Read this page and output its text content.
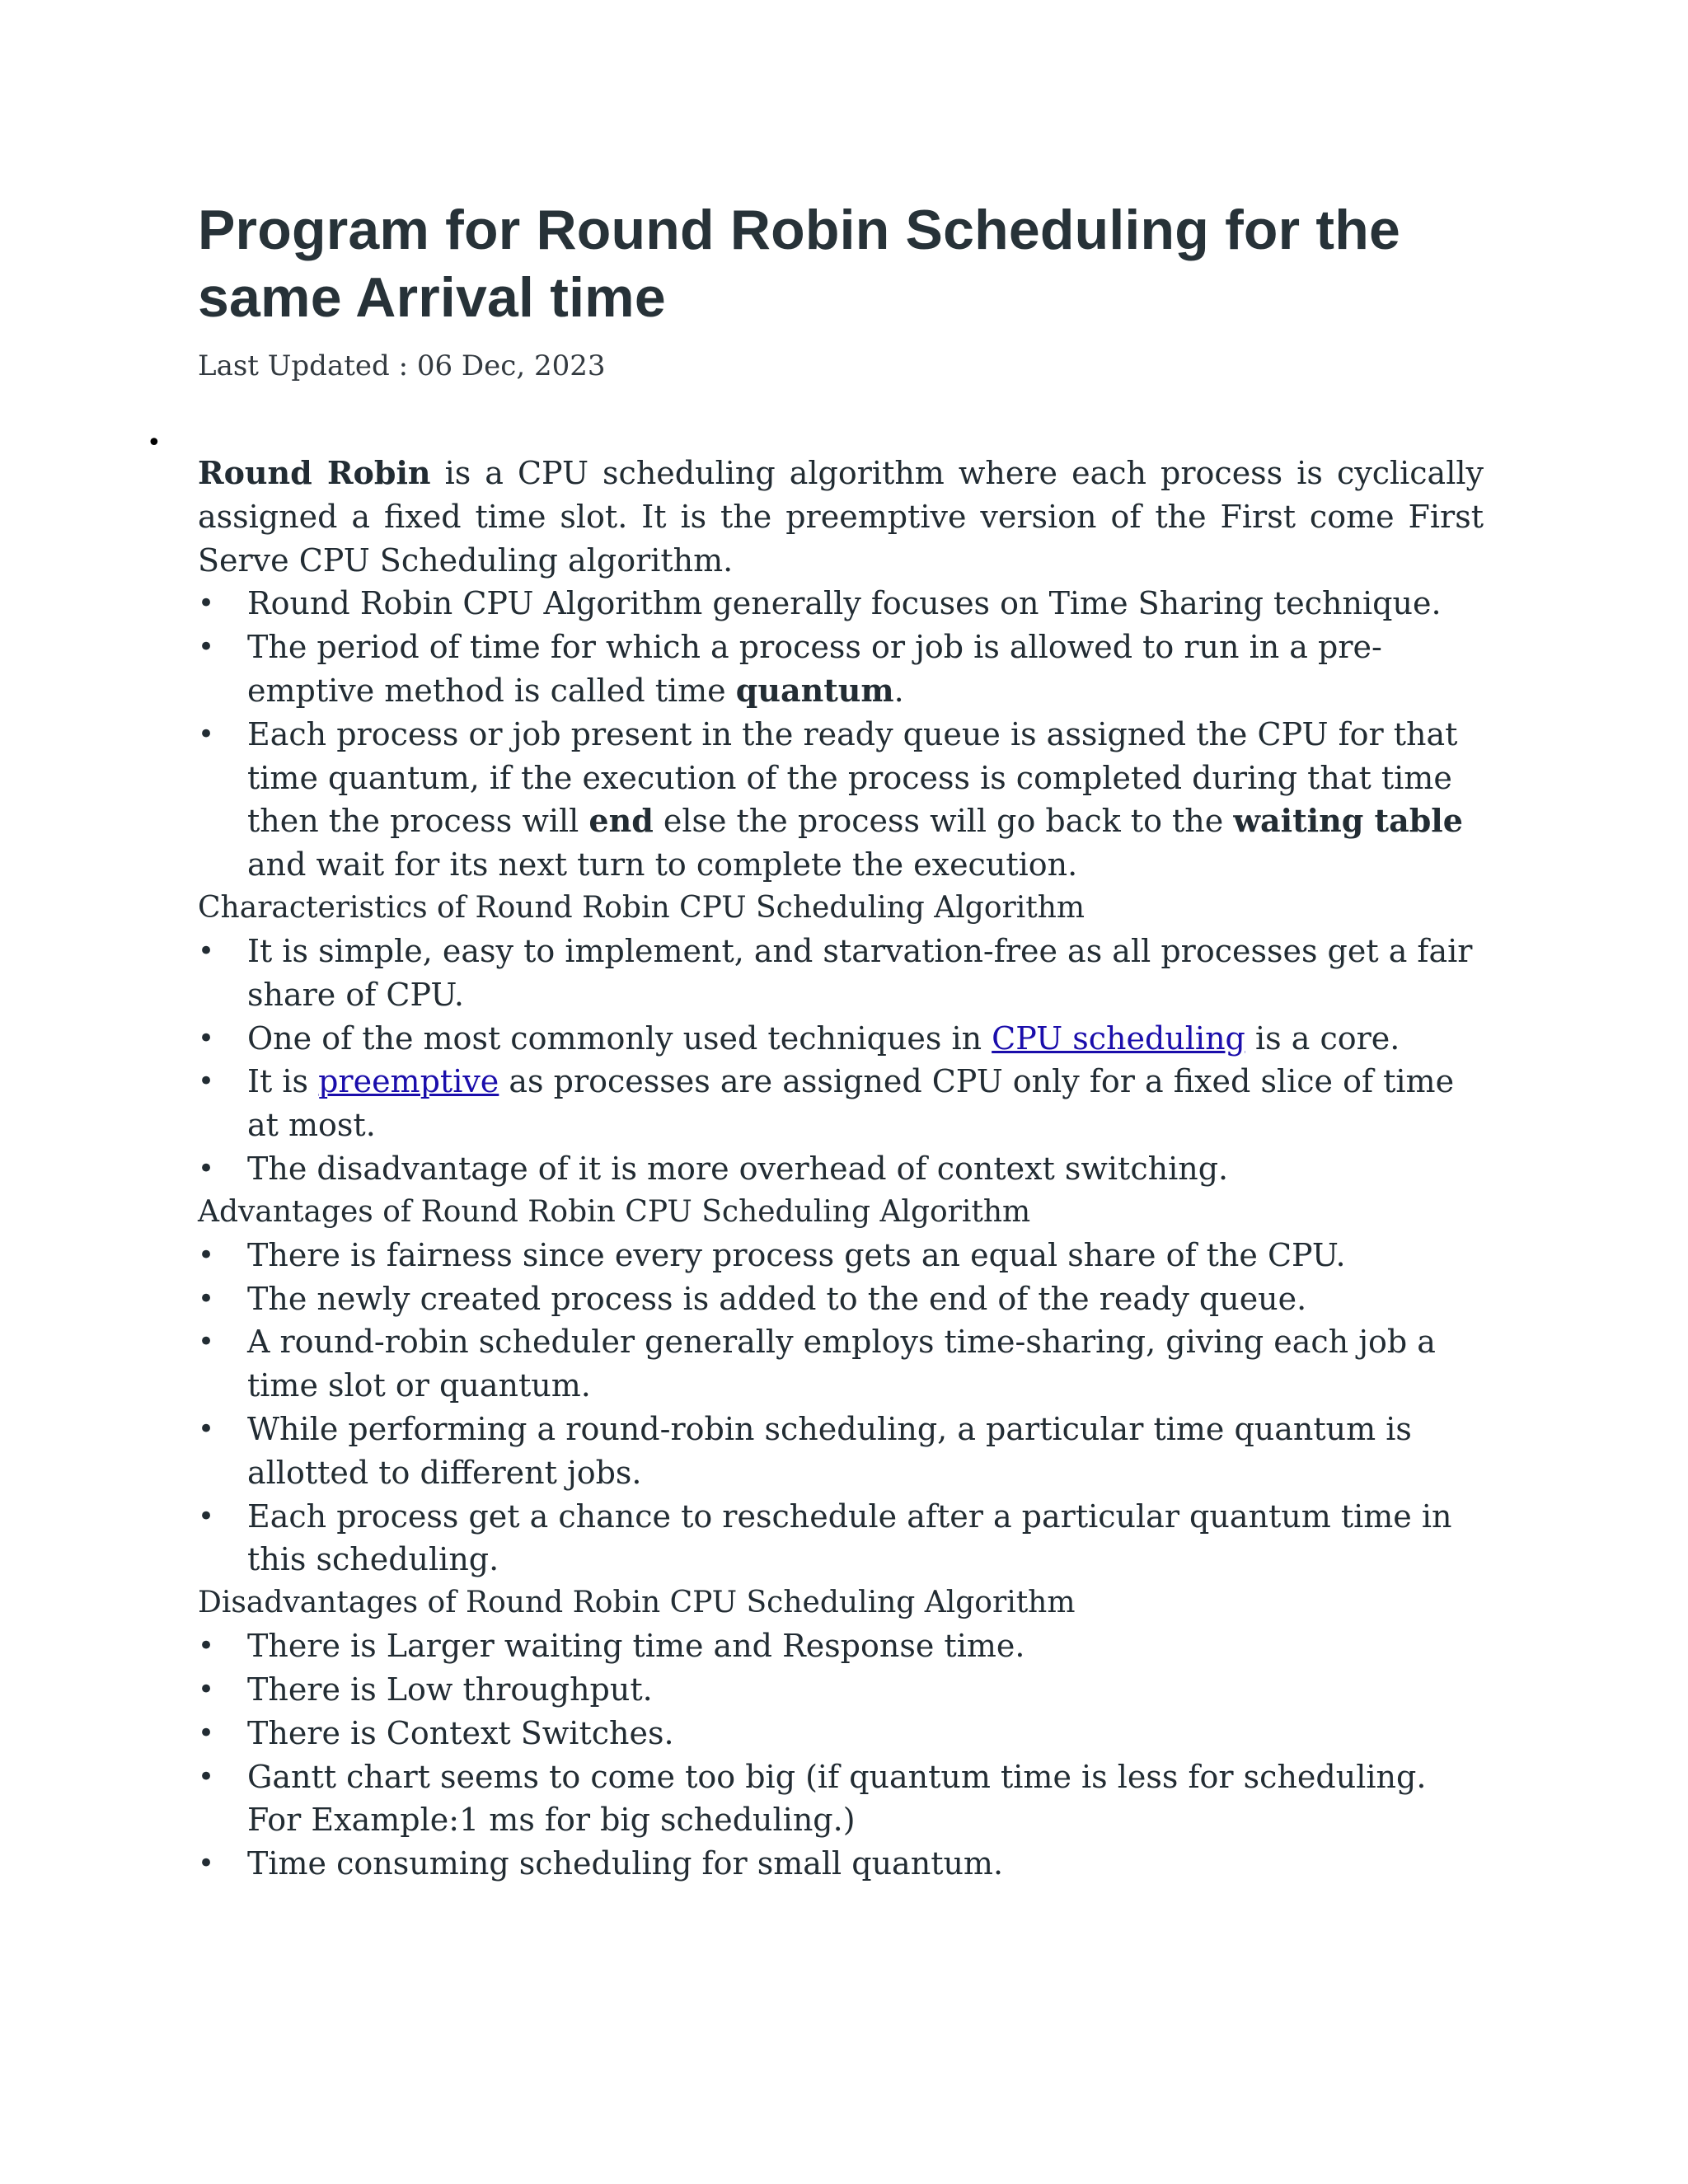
Program for Round Robin Scheduling for the same Arrival time
Last Updated : 06 Dec, 2023
•
Round Robin is a CPU scheduling algorithm where each process is cyclically assigned a fixed time slot. It is the preemptive version of the First come First Serve CPU Scheduling algorithm.
• Round Robin CPU Algorithm generally focuses on Time Sharing technique.
• The period of time for which a process or job is allowed to run in a pre-emptive method is called time quantum.
• Each process or job present in the ready queue is assigned the CPU for that time quantum, if the execution of the process is completed during that time then the process will end else the process will go back to the waiting table and wait for its next turn to complete the execution.
Characteristics of Round Robin CPU Scheduling Algorithm
• It is simple, easy to implement, and starvation-free as all processes get a fair share of CPU.
• One of the most commonly used techniques in CPU scheduling is a core.
• It is preemptive as processes are assigned CPU only for a fixed slice of time at most.
• The disadvantage of it is more overhead of context switching.
Advantages of Round Robin CPU Scheduling Algorithm
• There is fairness since every process gets an equal share of the CPU.
• The newly created process is added to the end of the ready queue.
• A round-robin scheduler generally employs time-sharing, giving each job a time slot or quantum.
• While performing a round-robin scheduling, a particular time quantum is allotted to different jobs.
• Each process get a chance to reschedule after a particular quantum time in this scheduling.
Disadvantages of Round Robin CPU Scheduling Algorithm
• There is Larger waiting time and Response time.
• There is Low throughput.
• There is Context Switches.
• Gantt chart seems to come too big (if quantum time is less for scheduling. For Example:1 ms for big scheduling.)
• Time consuming scheduling for small quantum.
